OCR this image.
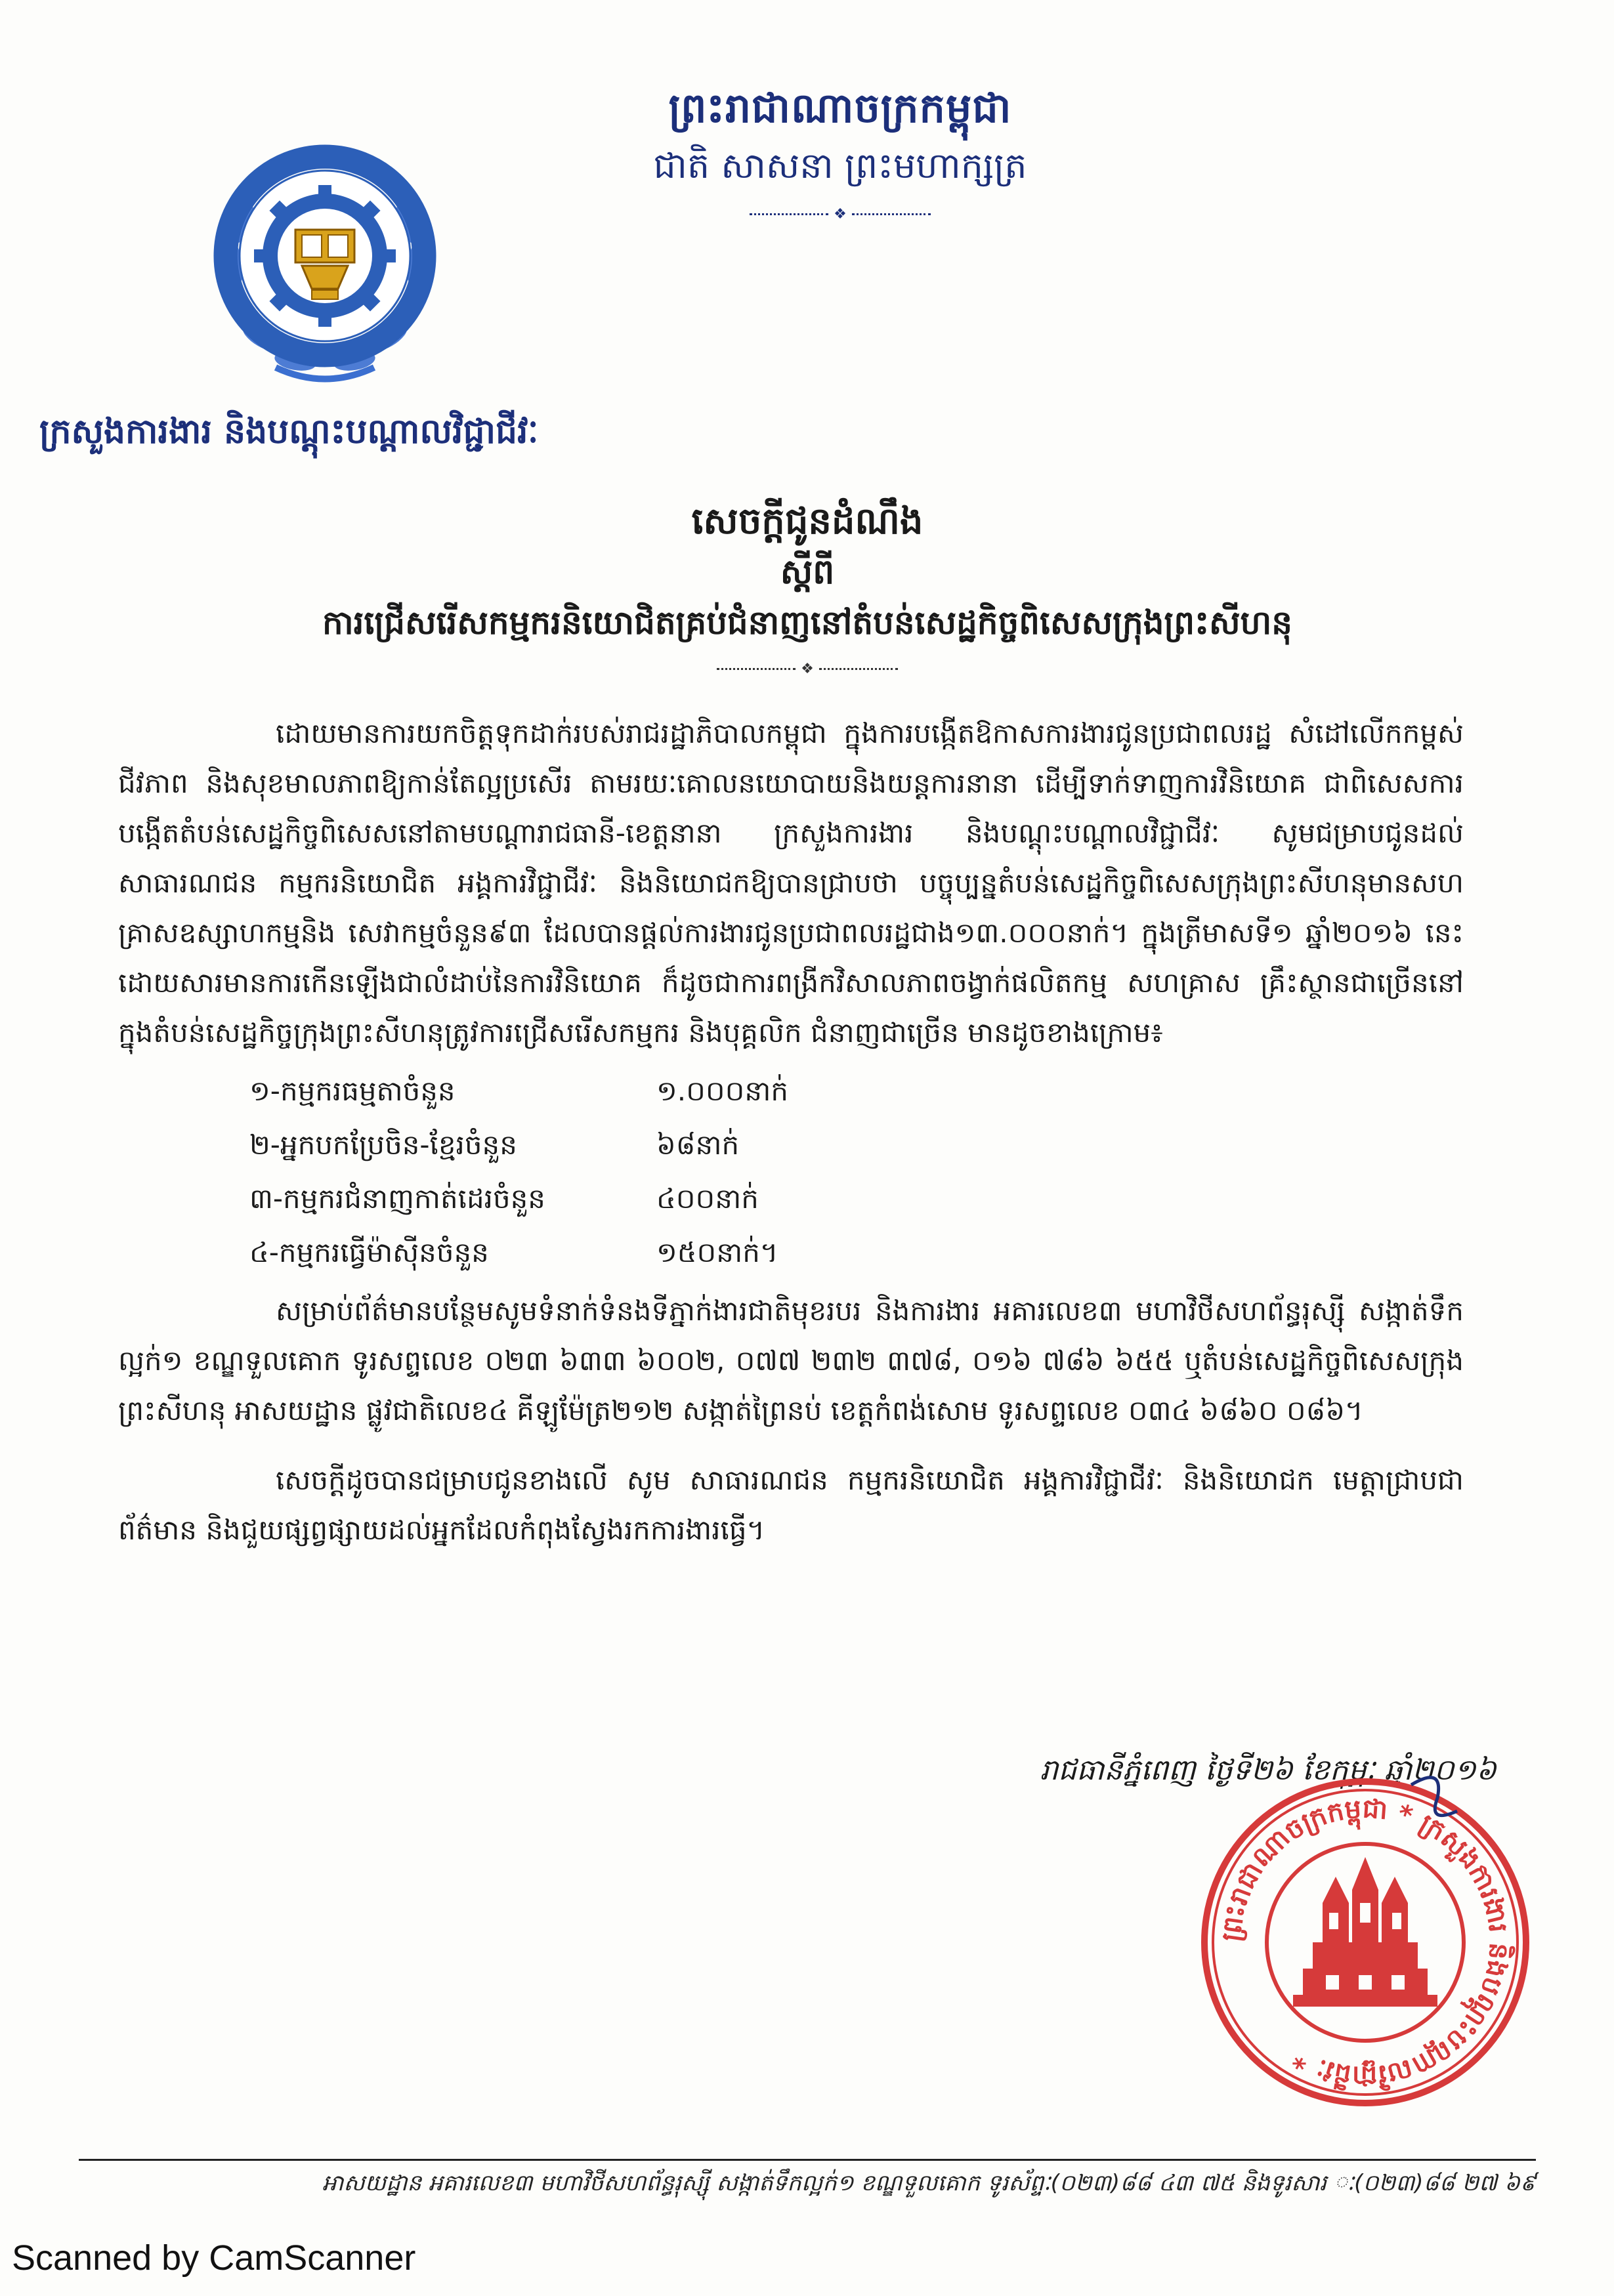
ព្រះរាជាណាចក្រកម្ពុជា
ជាតិ សាសនា ព្រះមហាក្សត្រ
❖
ក្រសួងការងារ និងបណ្តុះបណ្តាលវិជ្ជាជីវៈ
សេចក្តីជូនដំណឹង
ស្តីពី
ការជ្រើសរើសកម្មករនិយោជិតគ្រប់ជំនាញនៅតំបន់សេដ្ឋកិច្ចពិសេសក្រុងព្រះសីហនុ
❖

ដោយមានការយកចិត្តទុកដាក់របស់រាជរដ្ឋាភិបាលកម្ពុជា ក្នុងការបង្កើតឱកាសការងារជូនប្រជាពលរដ្ឋ សំដៅលើកកម្ពស់ជីវភាព និងសុខមាលភាពឱ្យកាន់តែល្អប្រសើរ តាមរយៈគោលនយោបាយនិងយន្តការនានា ដើម្បីទាក់ទាញការវិនិយោគ ជាពិសេសការបង្កើតតំបន់សេដ្ឋកិច្ចពិសេសនៅតាមបណ្តារាជធានី-ខេត្តនានា ក្រសួងការងារ និងបណ្តុះបណ្តាលវិជ្ជាជីវៈ សូមជម្រាបជូនដល់ សាធារណជន កម្មករនិយោជិត អង្គការវិជ្ជាជីវៈ និងនិយោជកឱ្យបានជ្រាបថា បច្ចុប្បន្នតំបន់សេដ្ឋកិច្ចពិសេសក្រុងព្រះសីហនុមានសហគ្រាសឧស្សាហកម្មនិង សេវាកម្មចំនួន៩៣ ដែលបានផ្តល់ការងារជូនប្រជាពលរដ្ឋជាង១៣.០០០នាក់។ ក្នុងត្រីមាសទី១ ឆ្នាំ២០១៦ នេះ ដោយសារមានការកើនឡើងជាលំដាប់នៃការវិនិយោគ ក៏ដូចជាការពង្រីកវិសាលភាពចង្វាក់ផលិតកម្ម សហគ្រាស គ្រឹះស្ថានជាច្រើននៅក្នុងតំបន់សេដ្ឋកិច្ចក្រុងព្រះសីហនុត្រូវការជ្រើសរើសកម្មករ និងបុគ្គលិក ជំនាញជាច្រើន មានដូចខាងក្រោម៖

១-កម្មករធម្មតាចំនួន	១.០០០នាក់
២-អ្នកបកប្រែចិន-ខ្មែរចំនួន	៦៨នាក់
៣-កម្មករជំនាញកាត់ដេរចំនួន	៤០០នាក់
៤-កម្មករធ្វើម៉ាស៊ីនចំនួន	១៥០នាក់។

សម្រាប់ព័ត៌មានបន្ថែមសូមទំនាក់ទំនងទីភ្នាក់ងារជាតិមុខរបរ និងការងារ អគារលេខ៣ មហាវិថីសហព័ន្ធរុស្ស៊ី សង្កាត់ទឹកល្អក់១ ខណ្ឌទួលគោក ទូរសព្ទលេខ ០២៣ ៦៣៣ ៦០០២, ០៧៧ ២៣២ ៣៧៨, ០១៦ ៧៨៦ ៦៥៥ ឬតំបន់សេដ្ឋកិច្ចពិសេសក្រុងព្រះសីហនុ អាសយដ្ឋាន ផ្លូវជាតិលេខ៤ គីឡូម៉ែត្រ២១២ សង្កាត់ព្រៃនប់ ខេត្តកំពង់សោម ទូរសព្ទលេខ ០៣៤ ៦៨៦០ ០៨៦។

សេចក្តីដូចបានជម្រាបជូនខាងលើ សូម សាធារណជន កម្មករនិយោជិត អង្គការវិជ្ជាជីវៈ និងនិយោជក មេត្តាជ្រាបជាព័ត៌មាន និងជួយផ្សព្វផ្សាយដល់អ្នកដែលកំពុងស្វែងរកការងារធ្វើ។

រាជធានីភ្នំពេញ ថ្ងៃទី២៦ ខែកុម្ភៈ ឆ្នាំ២០១៦
ព្រះរាជាណាចក្រកម្ពុជា * ក្រសួងការងារ និងបណ្តុះបណ្តាលវិជ្ជាជីវៈ *
អាសយដ្ឋាន អគារលេខ៣ មហាវិថីសហព័ន្ធរុស្ស៊ី សង្កាត់ទឹកល្អក់១ ខណ្ឌទួលគោក ទូរស័ព្ទៈ(០២៣)៨៨ ៤៣ ៧៥ និងទូរសារ ៈ(០២៣)៨៨ ២៧ ៦៩
Scanned by CamScanner
